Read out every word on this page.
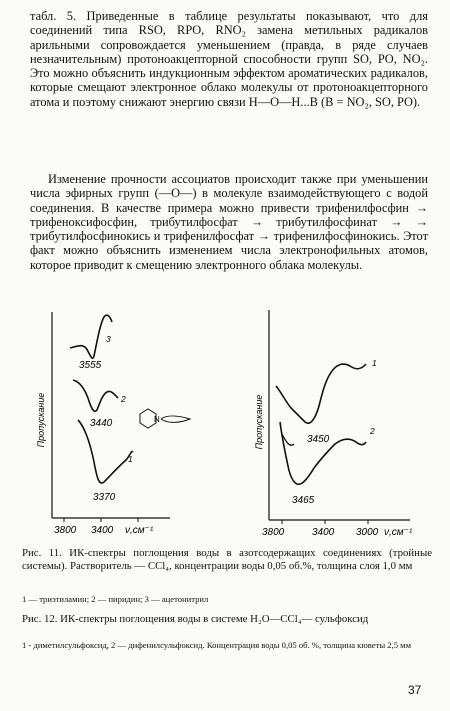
табл. 5. Приведенные в таблице результаты показывают, что для соединений типа RSO, RPO, RNO₂ замена метильных радикалов арильными сопровождается уменьшением (правда, в ряде случаев незначительным) протоноакцепторной способности групп SO, PO, NO₂. Это можно объяснить индукционным эффектом ароматических радикалов, которые смещают электронное облако молекулы от протоноакцепторного атома и поэтому снижают энергию связи H—O—H...B (B = NO₂, SO, PO).

Изменение прочности ассоциатов происходит также при уменьшении числа эфирных групп (—O—) в молекуле взаимодействующего с водой соединения. В качестве примера можно привести трифенилфосфин → трифеноксифосфин, трибутилфосфат → трибутилфосфинат → → трибутилфосфинокись и трифенилфосфат → трифенилфосфинокись. Этот факт можно объяснить изменением числа электронофильных атомов, которое приводит к смещению электронного облака молекулы.

Пропускание
3555
3440
3370
3
2
1
N
3800 3400 ν,см⁻¹
Пропускание	3450
3465
1
2
3800	3400 3000 ν,см⁻¹

Рис. 11. ИК-спектры поглощения воды в азотсодержащих соединениях (тройные системы). Растворитель — CCl₄, концентрации воды 0,05 об.%, толщина слоя 1,0 мм

1 — триэтиламин; 2 — пиридин; 3 — ацетонитрил

Рис. 12. ИК-спектры поглощения воды в системе H₂O—CCl₄— сульфоксид

1 - диметилсульфоксид, 2 — дифенилсульфоксид. Концентрация воды 0,05 об. %, толщина кюветы 2,5 мм

37
